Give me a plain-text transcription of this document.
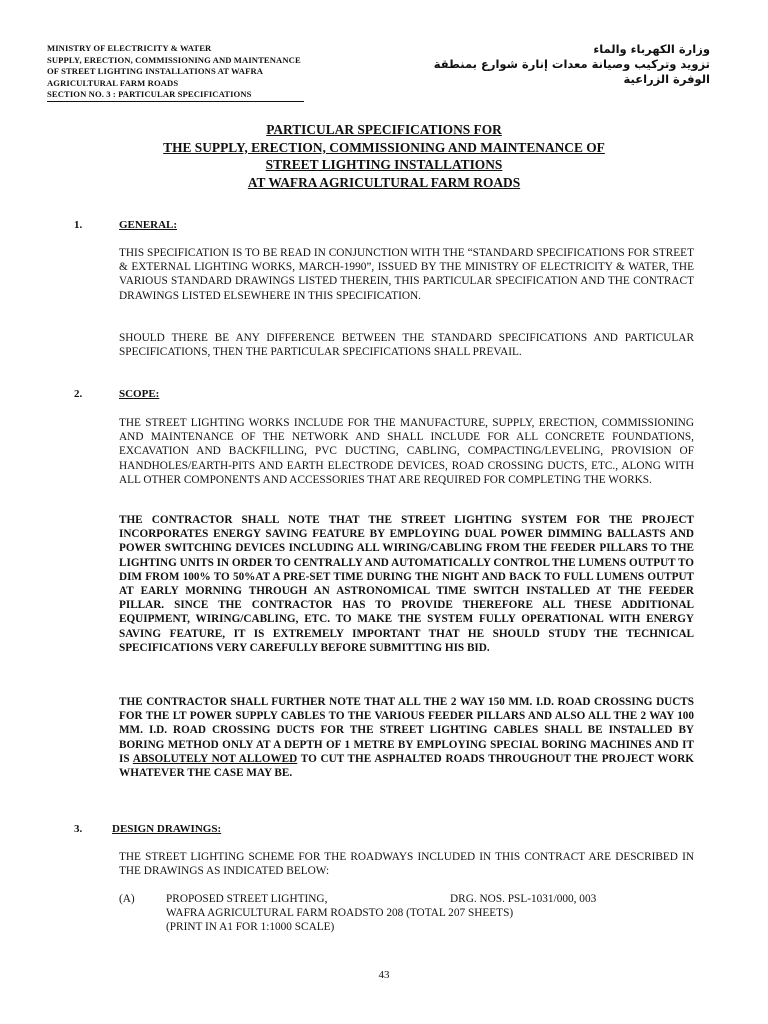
MINISTRY OF ELECTRICITY & WATER
SUPPLY, ERECTION, COMMISSIONING AND MAINTENANCE
OF STREET LIGHTING INSTALLATIONS AT WAFRA
AGRICULTURAL FARM ROADS
SECTION NO. 3 : PARTICULAR SPECIFICATIONS
وزارة الكهرباء والماء
تزويد وتركيب وصيانة معدات إنارة شوارع بمنطقة
الوفرة الزراعية
PARTICULAR SPECIFICATIONS FOR
THE SUPPLY, ERECTION, COMMISSIONING AND MAINTENANCE OF
STREET LIGHTING INSTALLATIONS
AT WAFRA AGRICULTURAL FARM ROADS
1.	GENERAL:
THIS SPECIFICATION IS TO BE READ IN CONJUNCTION WITH THE “STANDARD SPECIFICATIONS FOR STREET & EXTERNAL LIGHTING WORKS, MARCH-1990”, ISSUED BY THE MINISTRY OF ELECTRICITY & WATER, THE VARIOUS STANDARD DRAWINGS LISTED THEREIN, THIS PARTICULAR SPECIFICATION AND THE CONTRACT DRAWINGS LISTED ELSEWHERE IN THIS SPECIFICATION.
SHOULD THERE BE ANY DIFFERENCE BETWEEN THE STANDARD SPECIFICATIONS AND PARTICULAR SPECIFICATIONS, THEN THE PARTICULAR SPECIFICATIONS SHALL PREVAIL.
2.	SCOPE:
THE STREET LIGHTING WORKS INCLUDE FOR THE MANUFACTURE, SUPPLY, ERECTION, COMMISSIONING AND MAINTENANCE OF THE NETWORK AND SHALL INCLUDE FOR ALL CONCRETE FOUNDATIONS, EXCAVATION AND BACKFILLING, PVC DUCTING, CABLING, COMPACTING/LEVELING, PROVISION OF HANDHOLES/EARTH-PITS AND EARTH ELECTRODE DEVICES, ROAD CROSSING DUCTS, ETC., ALONG WITH ALL OTHER COMPONENTS AND ACCESSORIES THAT ARE REQUIRED FOR COMPLETING THE WORKS.
THE CONTRACTOR SHALL NOTE THAT THE STREET LIGHTING SYSTEM FOR THE PROJECT INCORPORATES ENERGY SAVING FEATURE BY EMPLOYING DUAL POWER DIMMING BALLASTS AND POWER SWITCHING DEVICES INCLUDING ALL WIRING/CABLING FROM THE FEEDER PILLARS TO THE LIGHTING UNITS IN ORDER TO CENTRALLY AND AUTOMATICALLY CONTROL THE LUMENS OUTPUT TO DIM FROM 100% TO 50%AT A PRE-SET TIME DURING THE NIGHT AND BACK TO FULL LUMENS OUTPUT AT EARLY MORNING THROUGH AN ASTRONOMICAL TIME SWITCH INSTALLED AT THE FEEDER PILLAR. SINCE THE CONTRACTOR HAS TO PROVIDE THEREFORE ALL THESE ADDITIONAL EQUIPMENT, WIRING/CABLING, ETC. TO MAKE THE SYSTEM FULLY OPERATIONAL WITH ENERGY SAVING FEATURE, IT IS EXTREMELY IMPORTANT THAT HE SHOULD STUDY THE TECHNICAL SPECIFICATIONS VERY CAREFULLY BEFORE SUBMITTING HIS BID.
THE CONTRACTOR SHALL FURTHER NOTE THAT ALL THE 2 WAY 150 MM. I.D. ROAD CROSSING DUCTS FOR THE LT POWER SUPPLY CABLES TO THE VARIOUS FEEDER PILLARS AND ALSO ALL THE 2 WAY 100 MM. I.D. ROAD CROSSING DUCTS FOR THE STREET LIGHTING CABLES SHALL BE INSTALLED BY BORING METHOD ONLY AT A DEPTH OF 1 METRE BY EMPLOYING SPECIAL BORING MACHINES AND IT IS ABSOLUTELY NOT ALLOWED TO CUT THE ASPHALTED ROADS THROUGHOUT THE PROJECT WORK WHATEVER THE CASE MAY BE.
3.	DESIGN DRAWINGS:
THE STREET LIGHTING SCHEME FOR THE ROADWAYS INCLUDED IN THIS CONTRACT ARE DESCRIBED IN THE DRAWINGS AS INDICATED BELOW:
(A)	PROPOSED STREET LIGHTING,	DRG. NOS. PSL-1031/000, 003
WAFRA AGRICULTURAL FARM ROADSTO 208 (TOTAL 207 SHEETS)
(PRINT IN A1 FOR 1:1000 SCALE)
43
